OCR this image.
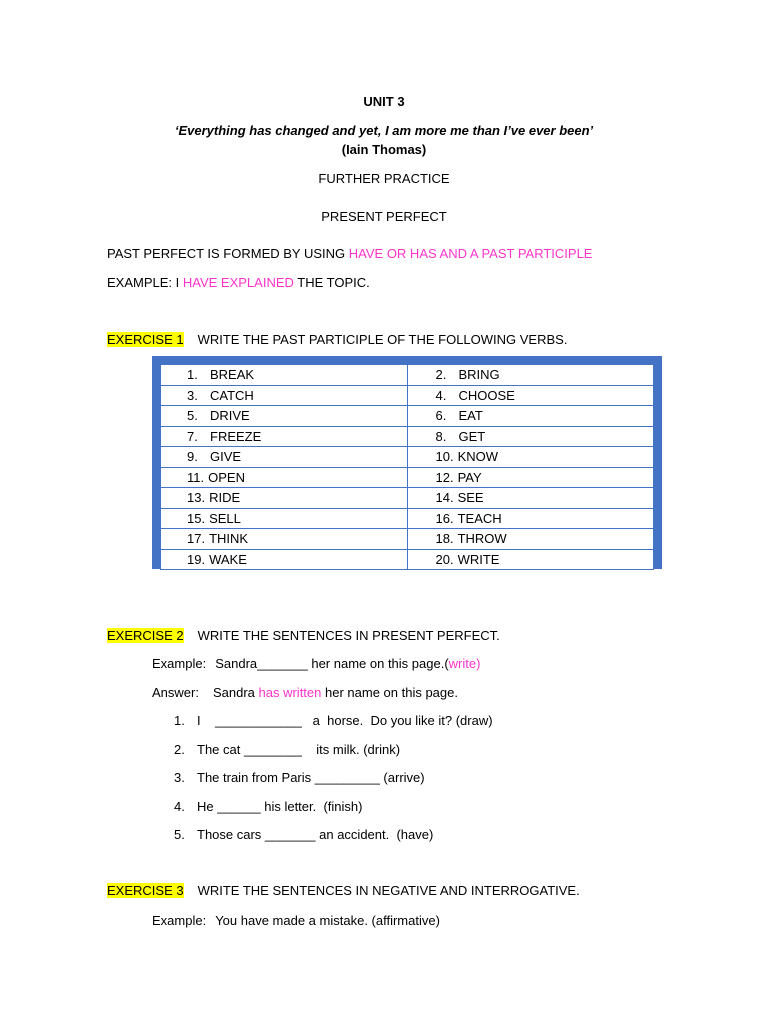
UNIT 3
‘Everything has changed and yet, I am more me than I’ve ever been’
(Iain Thomas)
FURTHER PRACTICE
PRESENT PERFECT
PAST PERFECT IS FORMED BY USING HAVE OR HAS AND A PAST PARTICIPLE
EXAMPLE: I HAVE EXPLAINED THE TOPIC.
EXERCISE 1 WRITE THE PAST PARTICIPLE OF THE FOLLOWING VERBS.
1. BREAK	2. BRING
3. CATCH	4. CHOOSE
5. DRIVE	6. EAT
7. FREEZE	8. GET
9. GIVE	10. KNOW
11. OPEN	12. PAY
13. RIDE	14. SEE
15. SELL	16. TEACH
17. THINK	18. THROW
19. WAKE	20. WRITE
EXERCISE 2 WRITE THE SENTENCES IN PRESENT PERFECT.
Example: Sandra_______ her name on this page.(write)
Answer: Sandra has written her name on this page.
1. I    ____________   a  horse.  Do you like it? (draw)
2. The cat ________    its milk. (drink)
3. The train from Paris _________ (arrive)
4. He ______ his letter.  (finish)
5. Those cars _______ an accident.  (have)
EXERCISE 3 WRITE THE SENTENCES IN NEGATIVE AND INTERROGATIVE.
Example: You have made a mistake. (affirmative)
